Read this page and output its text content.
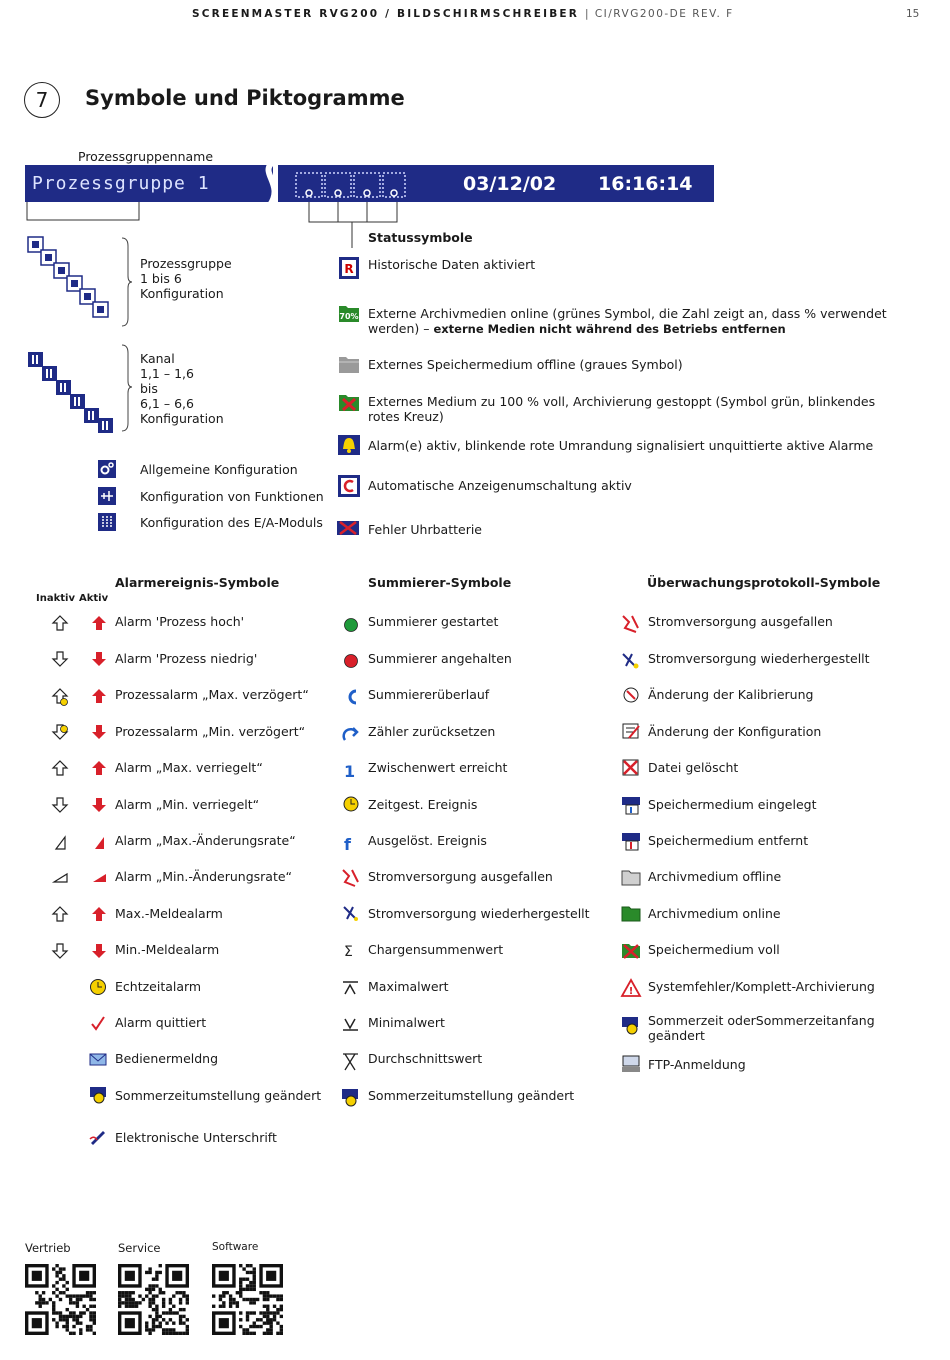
SCREENMASTER RVG200 / BILDSCHIRMSCHREIBER | CI/RVG200-DE REV. F	15
7	Symbole und Piktogramme
Prozessgruppenname
Prozessgruppe 1	03/12/02 16:16:14
Prozessgruppe
1 bis 6
Konfiguration
Kanal
1,1 – 1,6
bis
6,1 – 6,6
Konfiguration
Allgemeine Konfiguration
Konfiguration von Funktionen
Konfiguration des E/A-Moduls
Statussymbole
R Historische Daten aktiviert
70% Externe Archivmedien online (grünes Symbol, die Zahl zeigt an, dass % verwendet werden) – externe Medien nicht während des Betriebs entfernen
Externes Speichermedium offline (graues Symbol)
Externes Medium zu 100 % voll, Archivierung gestoppt (Symbol grün, blinkendes rotes Kreuz)
Alarm(e) aktiv, blinkende rote Umrandung signalisiert unquittierte aktive Alarme
Automatische Anzeigenumschaltung aktiv
Fehler Uhrbatterie
Alarmereignis-Symbole
Inaktiv Aktiv
Summierer-Symbole	Überwachungsprotokoll-Symbole
Alarm 'Prozess hoch'
Alarm 'Prozess niedrig'
Prozessalarm „Max. verzögert“
Prozessalarm „Min. verzögert“
Alarm „Max. verriegelt“
Alarm „Min. verriegelt“
Alarm „Max.-Änderungsrate“
Alarm „Min.-Änderungsrate“
Max.-Meldealarm
Min.-Meldealarm
Echtzeitalarm
Alarm quittiert
Bedienermeldng
Sommerzeitumstellung geändert
Elektronische Unterschrift
1
f
Σ
Summierer gestartet
Summierer angehalten
Summiererüberlauf
Zähler zurücksetzen
Zwischenwert erreicht
Zeitgest. Ereignis
Ausgelöst. Ereignis
Stromversorgung ausgefallen
Stromversorgung wiederhergestellt
Chargensummenwert
Maximalwert
Minimalwert
Durchschnittswert
Sommerzeitumstellung geändert
!
Stromversorgung ausgefallen
Stromversorgung wiederhergestellt
Änderung der Kalibrierung
Änderung der Konfiguration
Datei gelöscht
Speichermedium eingelegt
Speichermedium entfernt
Archivmedium offline
Archivmedium online
Speichermedium voll
Systemfehler/Komplett-Archivierung
Sommerzeit oderSommerzeitanfang geändert
FTP-Anmeldung
Vertrieb	Service	Software
